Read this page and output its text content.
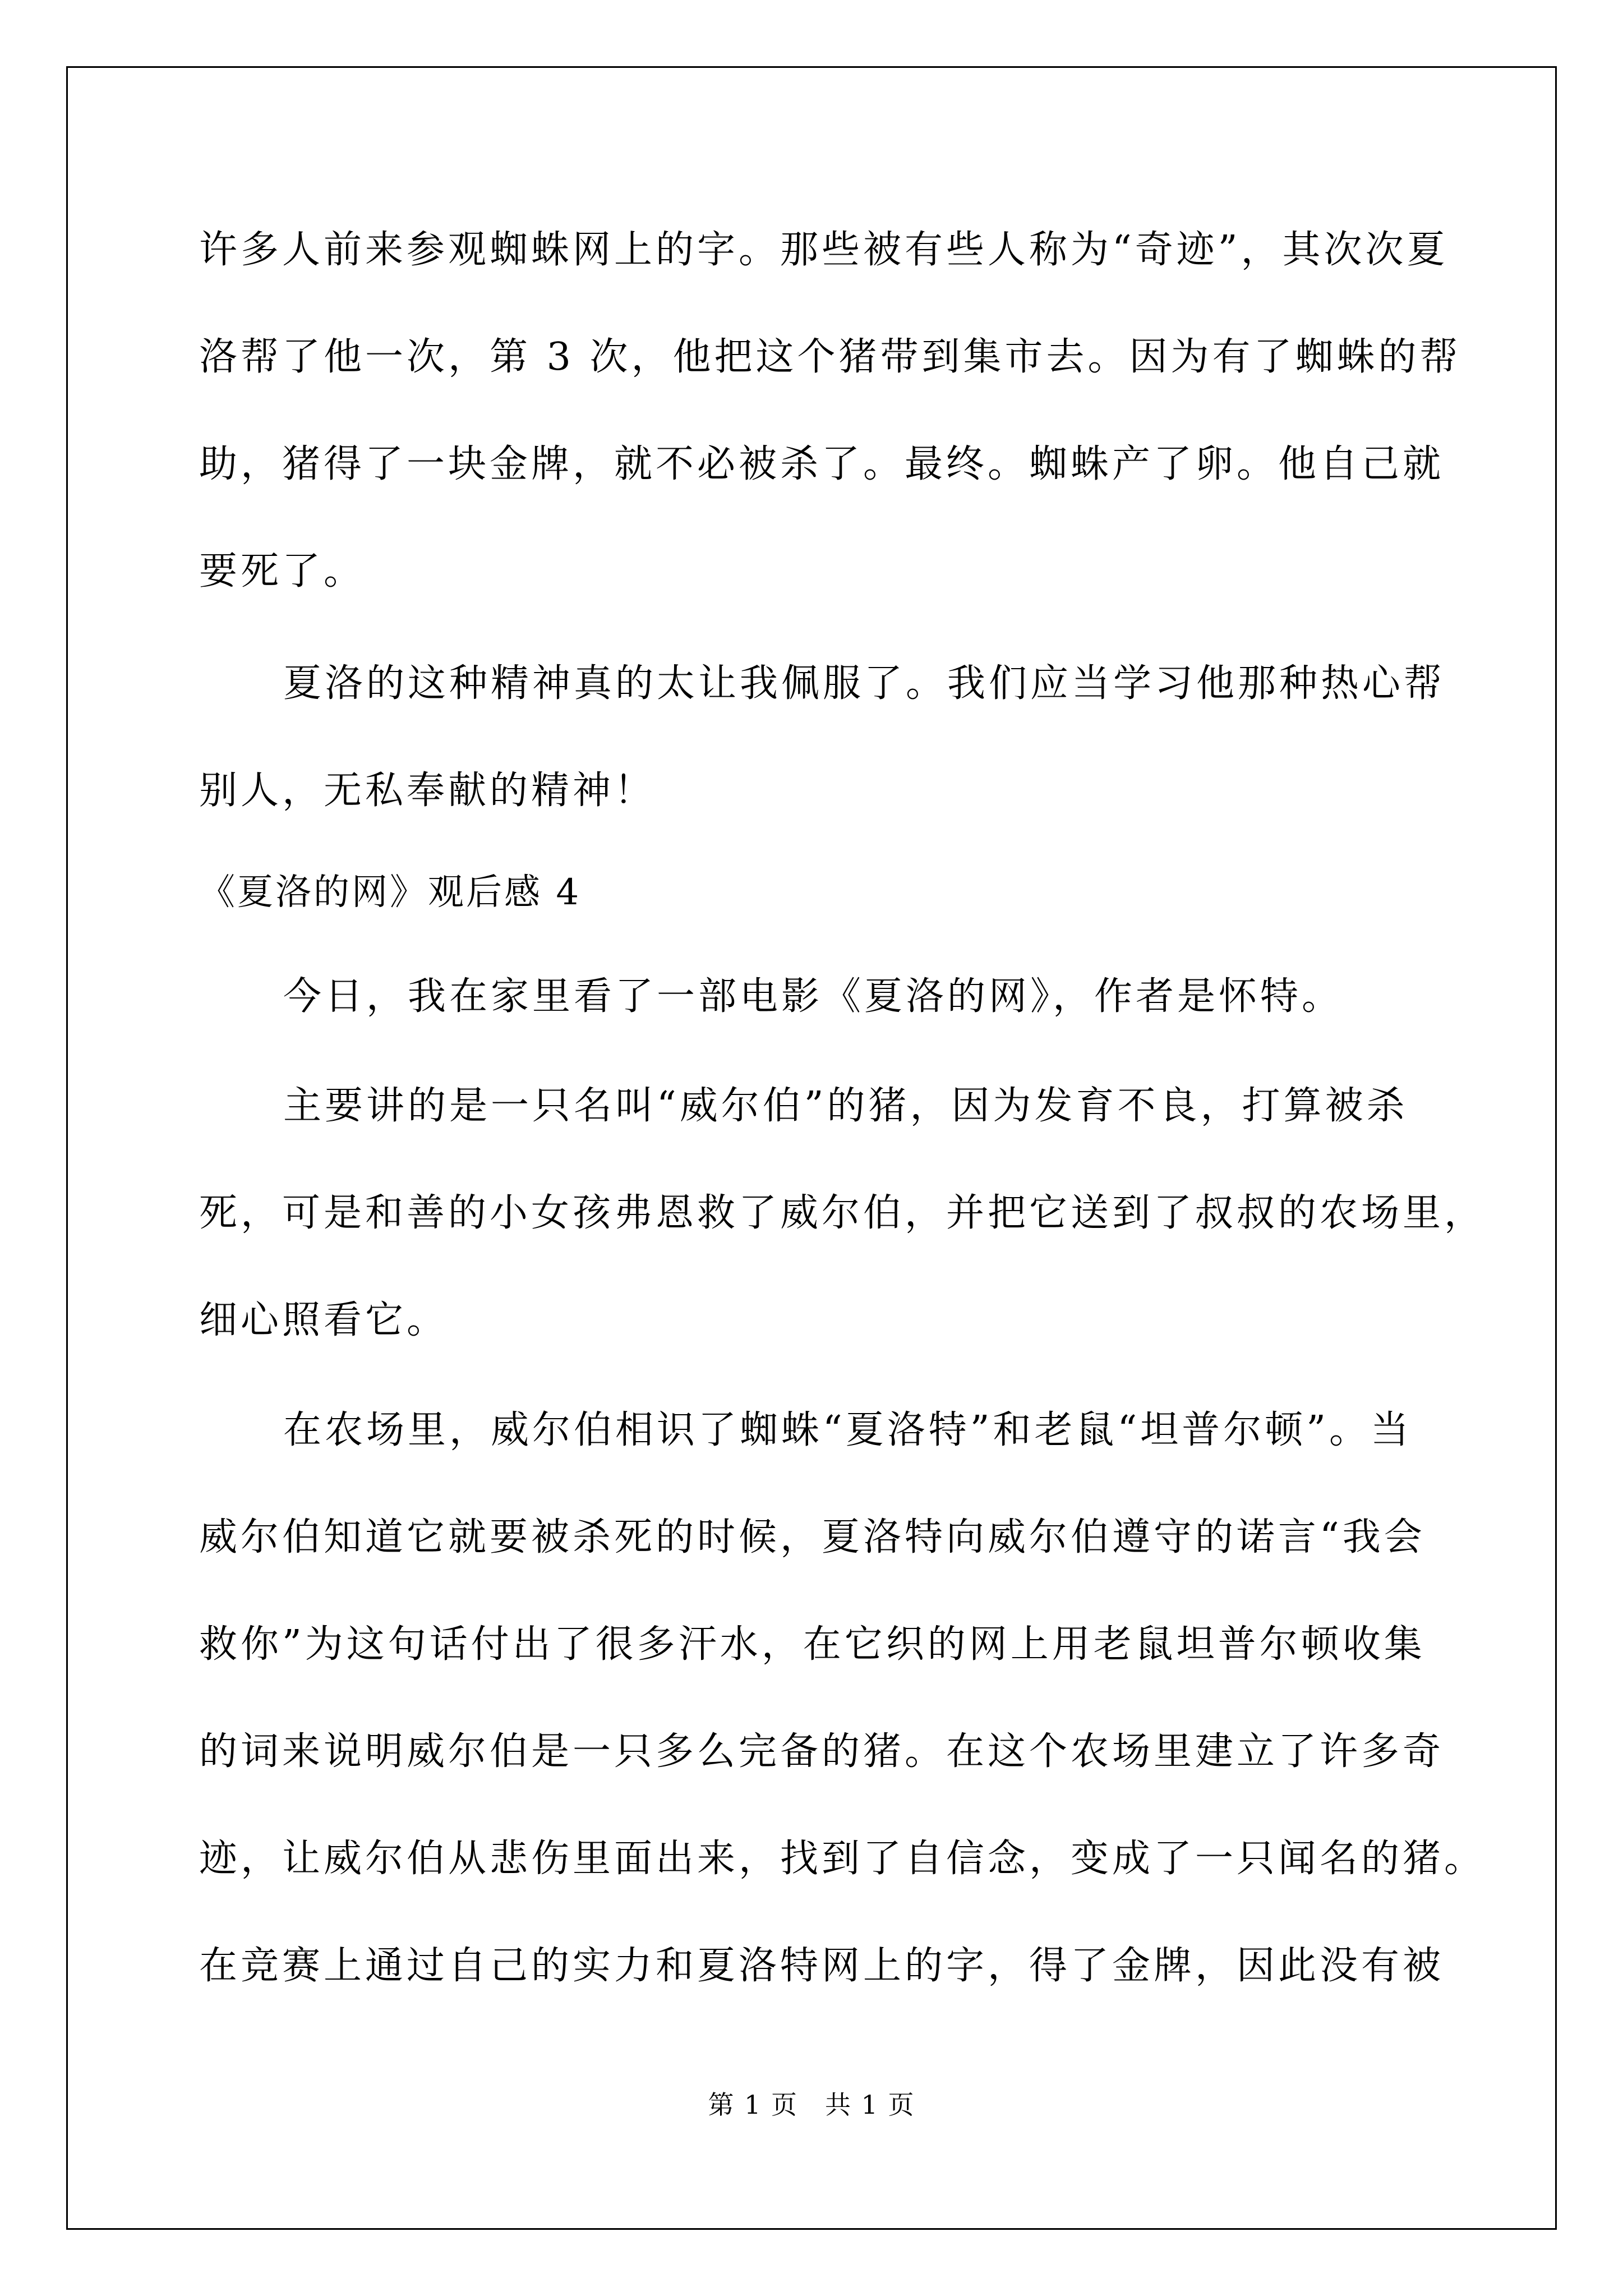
许多人前来参观蜘蛛网上的字。那些被有些人称为“奇迹”，其次次夏
洛帮了他一次，第 3 次，他把这个猪带到集市去。因为有了蜘蛛的帮
助，猪得了一块金牌，就不必被杀了。最终。蜘蛛产了卵。他自己就
要死了。
夏洛的这种精神真的太让我佩服了。我们应当学习他那种热心帮
别人，无私奉献的精神！
《夏洛的网》观后感 4
今日，我在家里看了一部电影《夏洛的网》，作者是怀特。
主要讲的是一只名叫“威尔伯”的猪，因为发育不良，打算被杀
死，可是和善的小女孩弗恩救了威尔伯，并把它送到了叔叔的农场里，
细心照看它。
在农场里，威尔伯相识了蜘蛛“夏洛特”和老鼠“坦普尔顿”。当
威尔伯知道它就要被杀死的时候，夏洛特向威尔伯遵守的诺言“我会
救你”为这句话付出了很多汗水，在它织的网上用老鼠坦普尔顿收集
的词来说明威尔伯是一只多么完备的猪。在这个农场里建立了许多奇
迹，让威尔伯从悲伤里面出来，找到了自信念，变成了一只闻名的猪。
在竞赛上通过自己的实力和夏洛特网上的字，得了金牌，因此没有被
第 1 页 共 1 页
